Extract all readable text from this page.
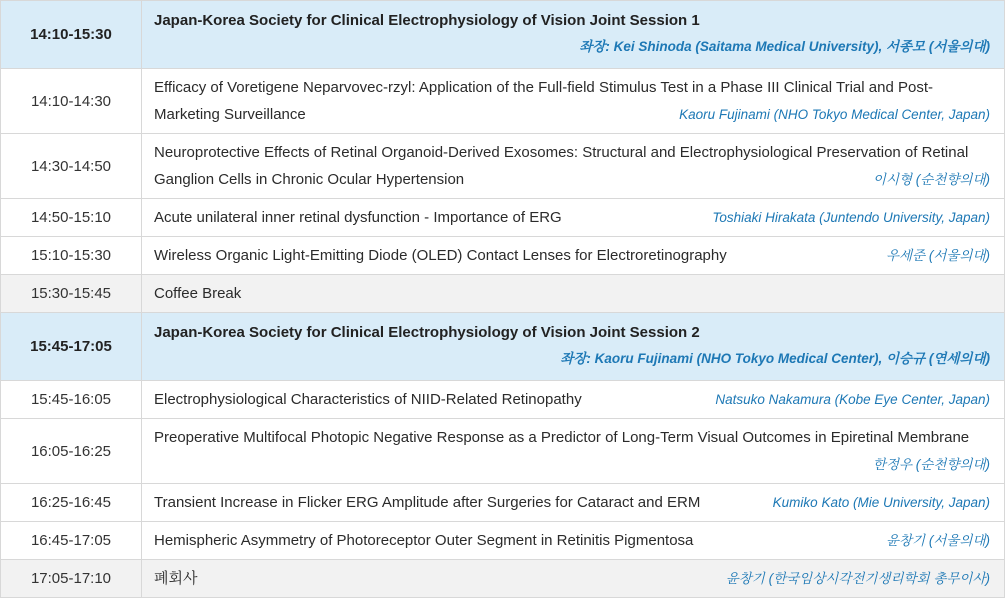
14:10-15:30	Japan-Korea Society for Clinical Electrophysiology of Vision Joint Session 1
좌장: Kei Shinoda (Saitama Medical University), 서종모 (서울의대)

14:10-14:30	Efficacy of Voretigene Neparvovec-rzyl: Application of the Full-field Stimulus Test in a Phase III Clinical Trial and Post-Marketing Surveillance Kaoru Fujinami (NHO Tokyo Medical Center, Japan)

14:30-14:50	Neuroprotective Effects of Retinal Organoid-Derived Exosomes: Structural and Electrophysiological Preservation of Retinal Ganglion Cells in Chronic Ocular Hypertension 이시형 (순천향의대)

14:50-15:10	Acute unilateral inner retinal dysfunction - Importance of ERG Toshiaki Hirakata (Juntendo University, Japan)

15:10-15:30	Wireless Organic Light-Emitting Diode (OLED) Contact Lenses for Electroretinography 우세준 (서울의대)

15:30-15:45	Coffee Break
15:45-17:05	Japan-Korea Society for Clinical Electrophysiology of Vision Joint Session 2
좌장: Kaoru Fujinami (NHO Tokyo Medical Center), 이승규 (연세의대)

15:45-16:05	Electrophysiological Characteristics of NIID-Related Retinopathy Natsuko Nakamura (Kobe Eye Center, Japan)

16:05-16:25	Preoperative Multifocal Photopic Negative Response as a Predictor of Long-Term Visual Outcomes in Epiretinal Membrane
한정우 (순천향의대)

16:25-16:45	Transient Increase in Flicker ERG Amplitude after Surgeries for Cataract and ERM Kumiko Kato (Mie University, Japan)

16:45-17:05	Hemispheric Asymmetry of Photoreceptor Outer Segment in Retinitis Pigmentosa 윤창기 (서울의대)

17:05-17:10	폐회사 윤창기 (한국임상시각전기생리학회 총무이사)
